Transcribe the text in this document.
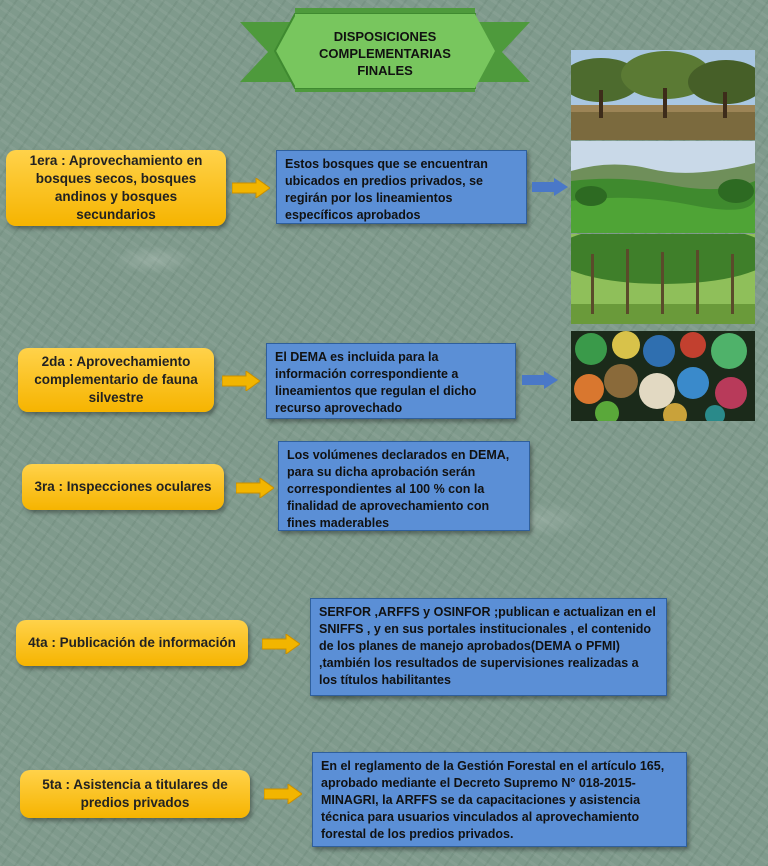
DISPOSICIONES COMPLEMENTARIAS FINALES
1era : Aprovechamiento en bosques secos, bosques andinos y bosques secundarios
Estos bosques que se encuentran ubicados en predios privados, se regirán por los lineamientos específicos aprobados
2da : Aprovechamiento complementario de fauna silvestre
El DEMA es incluida para la información correspondiente a lineamientos que regulan el dicho recurso aprovechado
3ra : Inspecciones oculares
Los volúmenes declarados en DEMA, para su dicha aprobación serán correspondientes al 100 % con la finalidad de aprovechamiento con fines maderables
4ta : Publicación de información
SERFOR ,ARFFS y OSINFOR ;publican e actualizan en el SNIFFS , y en sus portales institucionales , el contenido de los planes de manejo aprobados(DEMA o PFMI) ,también los resultados de supervisiones realizadas a los títulos habilitantes
5ta : Asistencia a titulares de predios privados
En el reglamento de la Gestión Forestal en el artículo 165, aprobado mediante el Decreto Supremo N° 018-2015-MINAGRI, la ARFFS se da capacitaciones y asistencia técnica para usuarios vinculados al aprovechamiento forestal de los predios privados.
